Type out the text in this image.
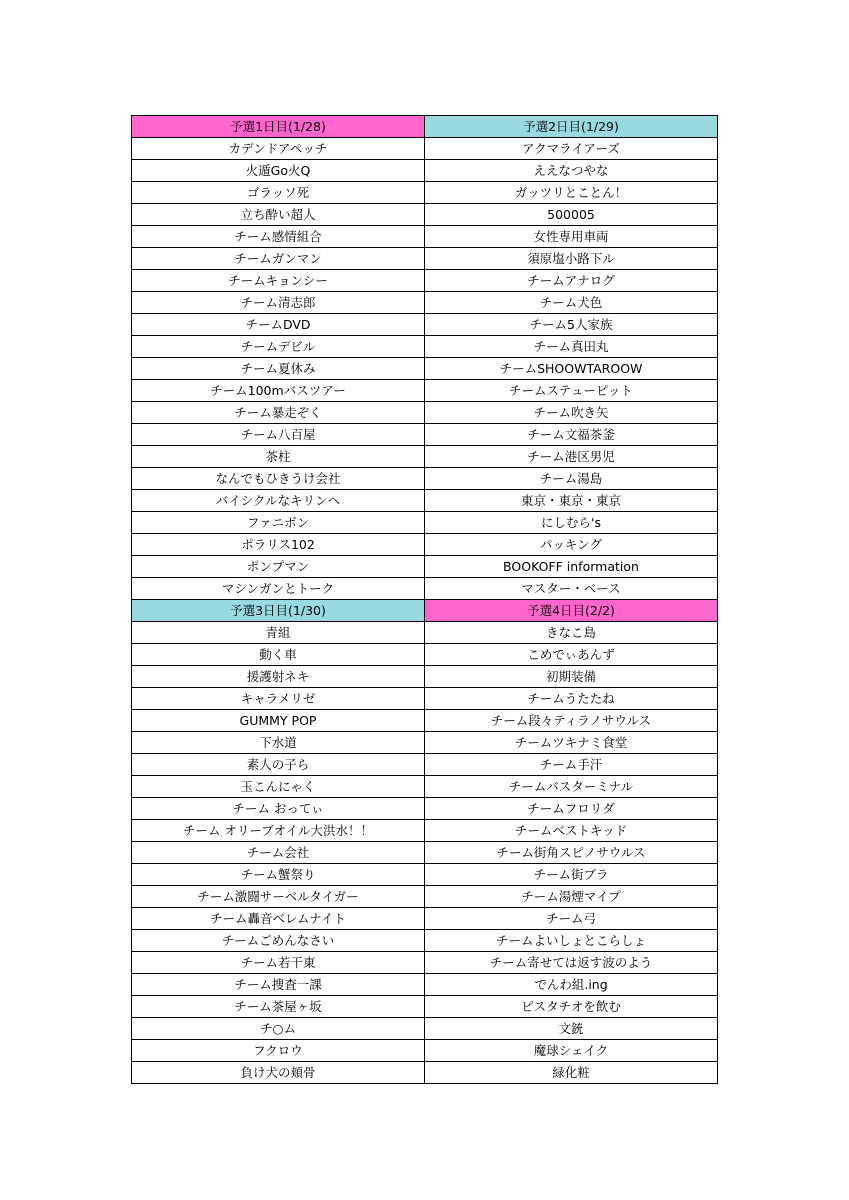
予選1日目(1/28)	予選2日目(1/29)
カデンドアペッチ	アクマライアーズ
火遁Go火Q	ええなつやな
ゴラッソ死	ガッツリとことん！
立ち酔い超人	500005
チーム感情組合	女性専用車両
チームガンマン	須原塩小路下ル
チームキョンシー	チームアナログ
チーム清志郎	チーム犬色
チームDVD	チーム5人家族
チームデビル	チーム真田丸
チーム夏休み	チームSHOOWTAROOW
チーム100mバスツアー	チームステューピット
チーム暴走ぞく	チーム吹き矢
チーム八百屋	チーム文福茶釜
茶柱	チーム港区男児
なんでもひきうけ会社	チーム湯島
バイシクルなキリンヘ	東京・東京・東京
ファニボン	にしむら's
ポラリス102	パッキング
ポンプマン	BOOKOFF information
マシンガンとトーク	マスター・ベース
予選3日目(1/30)	予選4日目(2/2)
青組	きなこ島
動く車	こめでぃあんず
援護射ネキ	初期装備
キャラメリゼ	チームうたたね
GUMMY POP	チーム段々ティラノサウルス
下水道	チームツキナミ食堂
素人の子ら	チーム手汗
玉こんにゃく	チームバスターミナル
チーム おってぃ	チームフロリダ
チーム オリーブオイル大洪水！！	チームベストキッド
チーム会社	チーム街角スピノサウルス
チーム蟹祭り	チーム街ブラ
チーム激闘サーベルタイガー	チーム湯煙マイプ
チーム轟音ベレムナイト	チーム弓
チームごめんなさい	チームよいしょとこらしょ
チーム若干東	チーム寄せては返す波のよう
チーム捜査一課	でんわ組.ing
チーム茶屋ヶ坂	ピスタチオを飲む
チ○ム	文銃
フクロウ	魔球シェイク
負け犬の頬骨	緑化粧
